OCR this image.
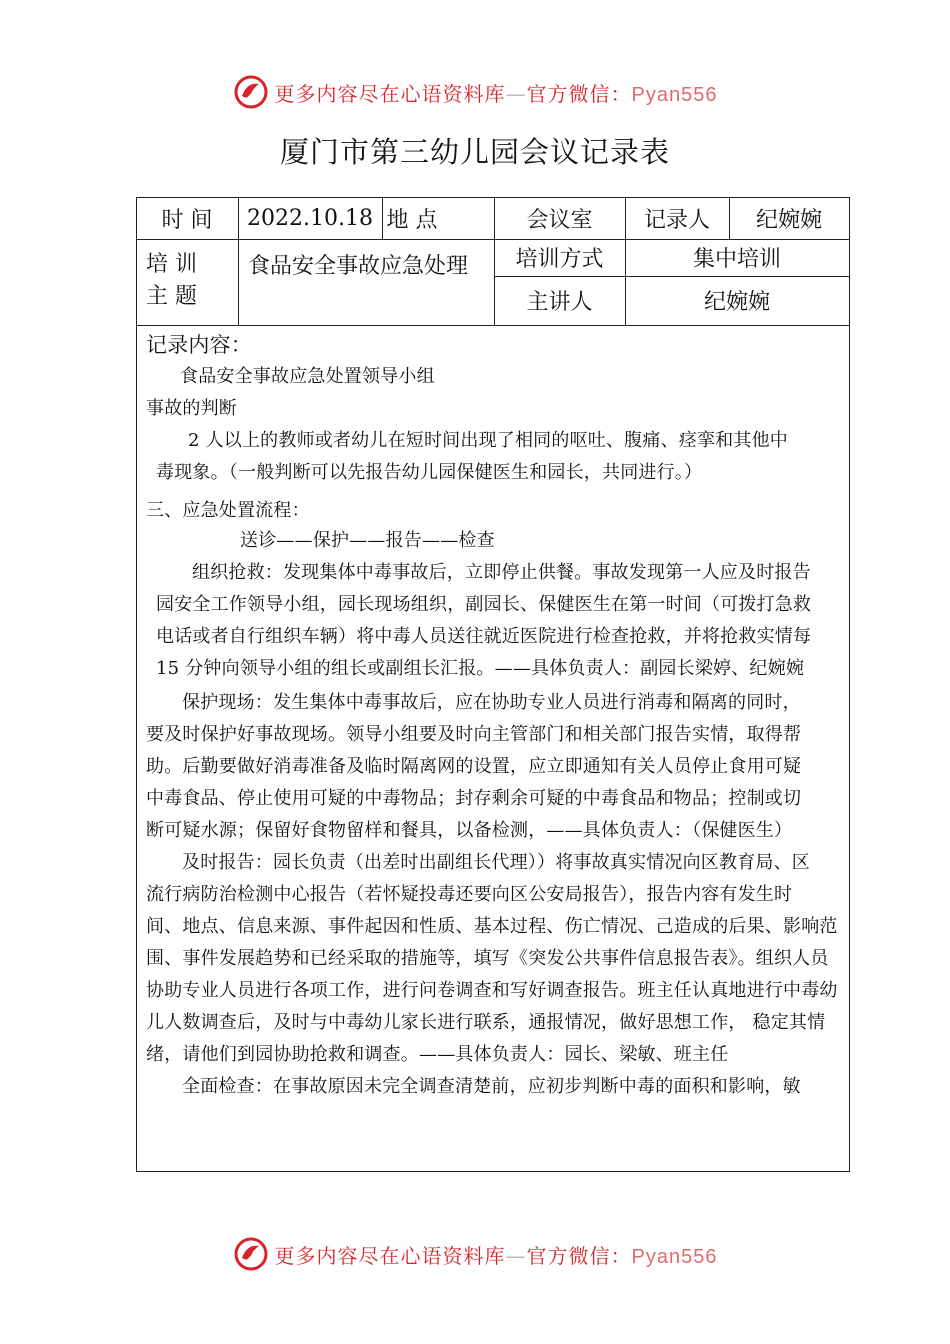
更多内容尽在心语资料库—官方微信：Pyan556
厦门市第三幼儿园会议记录表
时 间	2022.10.18 地 点	会议室	记录人	纪婉婉
培 训
主 题
食品安全事故应急处理	培训方式	集中培训
主讲人	纪婉婉
记录内容：
食品安全事故应急处置领导小组
事故的判断
2 人以上的教师或者幼儿在短时间出现了相同的呕吐、腹痛、痉挛和其他中
毒现象。（一般判断可以先报告幼儿园保健医生和园长，共同进行。）
三、应急处置流程：
送诊——保护——报告——检查
组织抢救：发现集体中毒事故后，立即停止供餐。事故发现第一人应及时报告
园安全工作领导小组，园长现场组织，副园长、保健医生在第一时间（可拨打急救
电话或者自行组织车辆）将中毒人员送往就近医院进行检查抢救，并将抢救实情每
15 分钟向领导小组的组长或副组长汇报。——具体负责人：副园长梁婷、纪婉婉
保护现场：发生集体中毒事故后，应在协助专业人员进行消毒和隔离的同时，
要及时保护好事故现场。领导小组要及时向主管部门和相关部门报告实情，取得帮
助。后勤要做好消毒准备及临时隔离网的设置，应立即通知有关人员停止食用可疑
中毒食品、停止使用可疑的中毒物品；封存剩余可疑的中毒食品和物品；控制或切
断可疑水源；保留好食物留样和餐具，以备检测，——具体负责人：（保健医生）
及时报告：园长负责（出差时出副组长代理））将事故真实情况向区教育局、区
流行病防治检测中心报告（若怀疑投毒还要向区公安局报告），报告内容有发生时
间、地点、信息来源、事件起因和性质、基本过程、伤亡情况、己造成的后果、影响范
围、事件发展趋势和已经采取的措施等，填写《突发公共事件信息报告表》。组织人员
协助专业人员进行各项工作，进行问卷调查和写好调查报告。班主任认真地进行中毒幼
儿人数调查后，及时与中毒幼儿家长进行联系，通报情况，做好思想工作， 稳定其情
绪，请他们到园协助抢救和调查。——具体负责人：园长、梁敏、班主任
全面检查：在事故原因未完全调查清楚前，应初步判断中毒的面积和影响，敏
更多内容尽在心语资料库—官方微信：Pyan556
